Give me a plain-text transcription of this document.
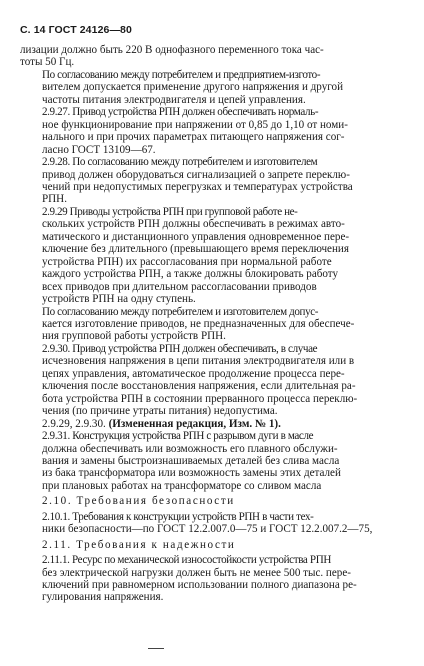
С. 14 ГОСТ 24126—80
лизации должно быть 220 В однофазного переменного тока час-
тоты 50 Гц.
По согласованию между потребителем и предприятием-изгото-
вителем допускается применение другого напряжения и другой
частоты питания электродвигателя и цепей управления.
2.9.27. Привод устройства РПН должен обеспечивать нормаль-
ное функционирование при напряжении от 0,85 до 1,10 от номи-
нального и при прочих параметрах питающего напряжения сог-
ласно ГОСТ 13109—67.
2.9.28. По согласованию между потребителем и изготовителем
привод должен оборудоваться сигнализацией о запрете переклю-
чений при недопустимых перегрузках и температурах устройства
РПН.
2.9.29 Приводы устройства РПН при групповой работе не-
скольких устройств РПН должны обеспечивать в режимах авто-
матического и дистанционного управления одновременное пере-
ключение без длительного (превышающего время переключения
устройства РПН) их рассогласования при нормальной работе
каждого устройства РПН, а также должны блокировать работу
всех приводов при длительном рассогласовании приводов
устройств РПН на одну ступень.
По согласованию между потребителем и изготовителем допус-
кается изготовление приводов, не предназначенных для обеспече-
ния групповой работы устройств РПН.
2.9.30. Привод устройства РПН должен обеспечивать, в случае
исчезновения напряжения в цепи питания электродвигателя или в
цепях управления, автоматическое продолжение процесса пере-
ключения после восстановления напряжения, если длительная ра-
бота устройства РПН в состоянии прерванного процесса переклю-
чения (по причине утраты питания) недопустима.
2.9.29, 2.9.30. (Измененная редакция, Изм. № 1).
2.9.31. Конструкция устройства РПН с разрывом дуги в масле
должна обеспечивать или возможность его плавного обслужи-
вания и замены быстроизнашиваемых деталей без слива масла
из бака трансформатора или возможность замены этих деталей
при плановых работах на трансформаторе со сливом масла
2.10. Требования безопасности
2.10.1. Требования к конструкции устройств РПН в части тех-
ники безопасности—по ГОСТ 12.2.007.0—75 и ГОСТ 12.2.007.2—75,
2.11. Требования к надежности
2.11.1. Ресурс по механической износостойкости устройства РПН
без электрической нагрузки должен быть не менее 500 тыс. пере-
ключений при равномерном использовании полного диапазона ре-
гулирования напряжения.
